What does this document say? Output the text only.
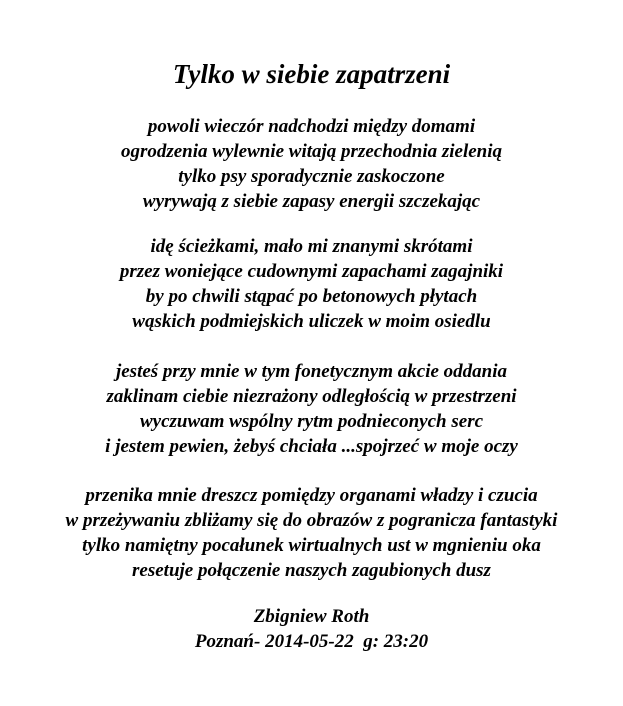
Tylko w siebie zapatrzeni
powoli wieczór nadchodzi między domami
ogrodzenia wylewnie witają przechodnia zielenią
tylko psy sporadycznie zaskoczone
wyrywają z siebie zapasy energii szczekając
idę ścieżkami, mało mi znanymi skrótami
przez woniejące cudownymi zapachami zagajniki
by po chwili stąpać po betonowych płytach
wąskich podmiejskich uliczek w moim osiedlu
jesteś przy mnie w tym fonetycznym akcie oddania
zaklinam ciebie niezrażony odległością w przestrzeni
wyczuwam wspólny rytm podnieconych serc
i jestem pewien, żebyś chciała ...spojrzeć w moje oczy
przenika mnie dreszcz pomiędzy organami władzy i czucia
w przeżywaniu zbliżamy się do obrazów z pogranicza fantastyki
tylko namiętny pocałunek wirtualnych ust w mgnieniu oka
resetuje połączenie naszych zagubionych dusz
Zbigniew Roth
Poznań- 2014-05-22  g: 23:20
